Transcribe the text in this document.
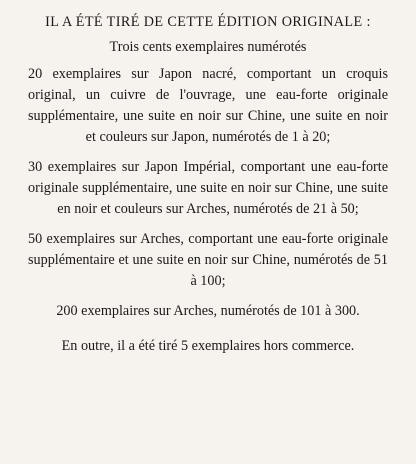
IL A ÉTÉ TIRÉ DE CETTE ÉDITION ORIGINALE :
Trois cents exemplaires numérotés

20 exemplaires sur Japon nacré, comportant un croquis original, un cuivre de l'ouvrage, une eau-forte originale supplémentaire, une suite en noir sur Chine, une suite en noir et couleurs sur Japon, numérotés de 1 à 20;

30 exemplaires sur Japon Impérial, comportant une eau-forte originale supplémentaire, une suite en noir sur Chine, une suite en noir et couleurs sur Arches, numérotés de 21 à 50;

50 exemplaires sur Arches, comportant une eau-forte originale supplémentaire et une suite en noir sur Chine, numérotés de 51 à 100;

200 exemplaires sur Arches, numérotés de 101 à 300.

En outre, il a été tiré 5 exemplaires hors commerce.
